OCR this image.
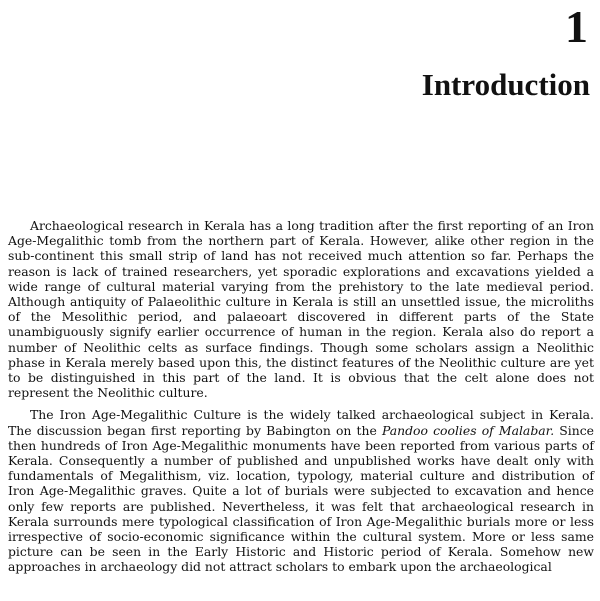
1
Introduction

Archaeological research in Kerala has a long tradition after the first reporting of an Iron Age-Megalithic tomb from the northern part of Kerala. However, alike other region in the sub-continent this small strip of land has not received much attention so far. Perhaps the reason is lack of trained researchers, yet sporadic explorations and excavations yielded a wide range of cultural material varying from the prehistory to the late medieval period. Although antiquity of Palaeolithic culture in Kerala is still an unsettled issue, the microliths of the Mesolithic period, and palaeoart discovered in different parts of the State unambiguously signify earlier occurrence of human in the region. Kerala also do report a number of Neolithic celts as surface findings. Though some scholars assign a Neolithic phase in Kerala merely based upon this, the distinct features of the Neolithic culture are yet to be distinguished in this part of the land. It is obvious that the celt alone does not represent the Neolithic culture.

The Iron Age-Megalithic Culture is the widely talked archaeological subject in Kerala. The discussion began first reporting by Babington on the Pandoo coolies of Malabar. Since then hundreds of Iron Age-Megalithic monuments have been reported from various parts of Kerala. Consequently a number of published and unpublished works have dealt only with fundamentals of Megalithism, viz. location, typology, material culture and distribution of Iron Age-Megalithic graves. Quite a lot of burials were subjected to excavation and hence only few reports are published. Nevertheless, it was felt that archaeological research in Kerala surrounds mere typological classification of Iron Age-Megalithic burials more or less irrespective of socio-economic significance within the cultural system. More or less same picture can be seen in the Early Historic and Historic period of Kerala. Somehow new approaches in archaeology did not attract scholars to embark upon the archaeological
